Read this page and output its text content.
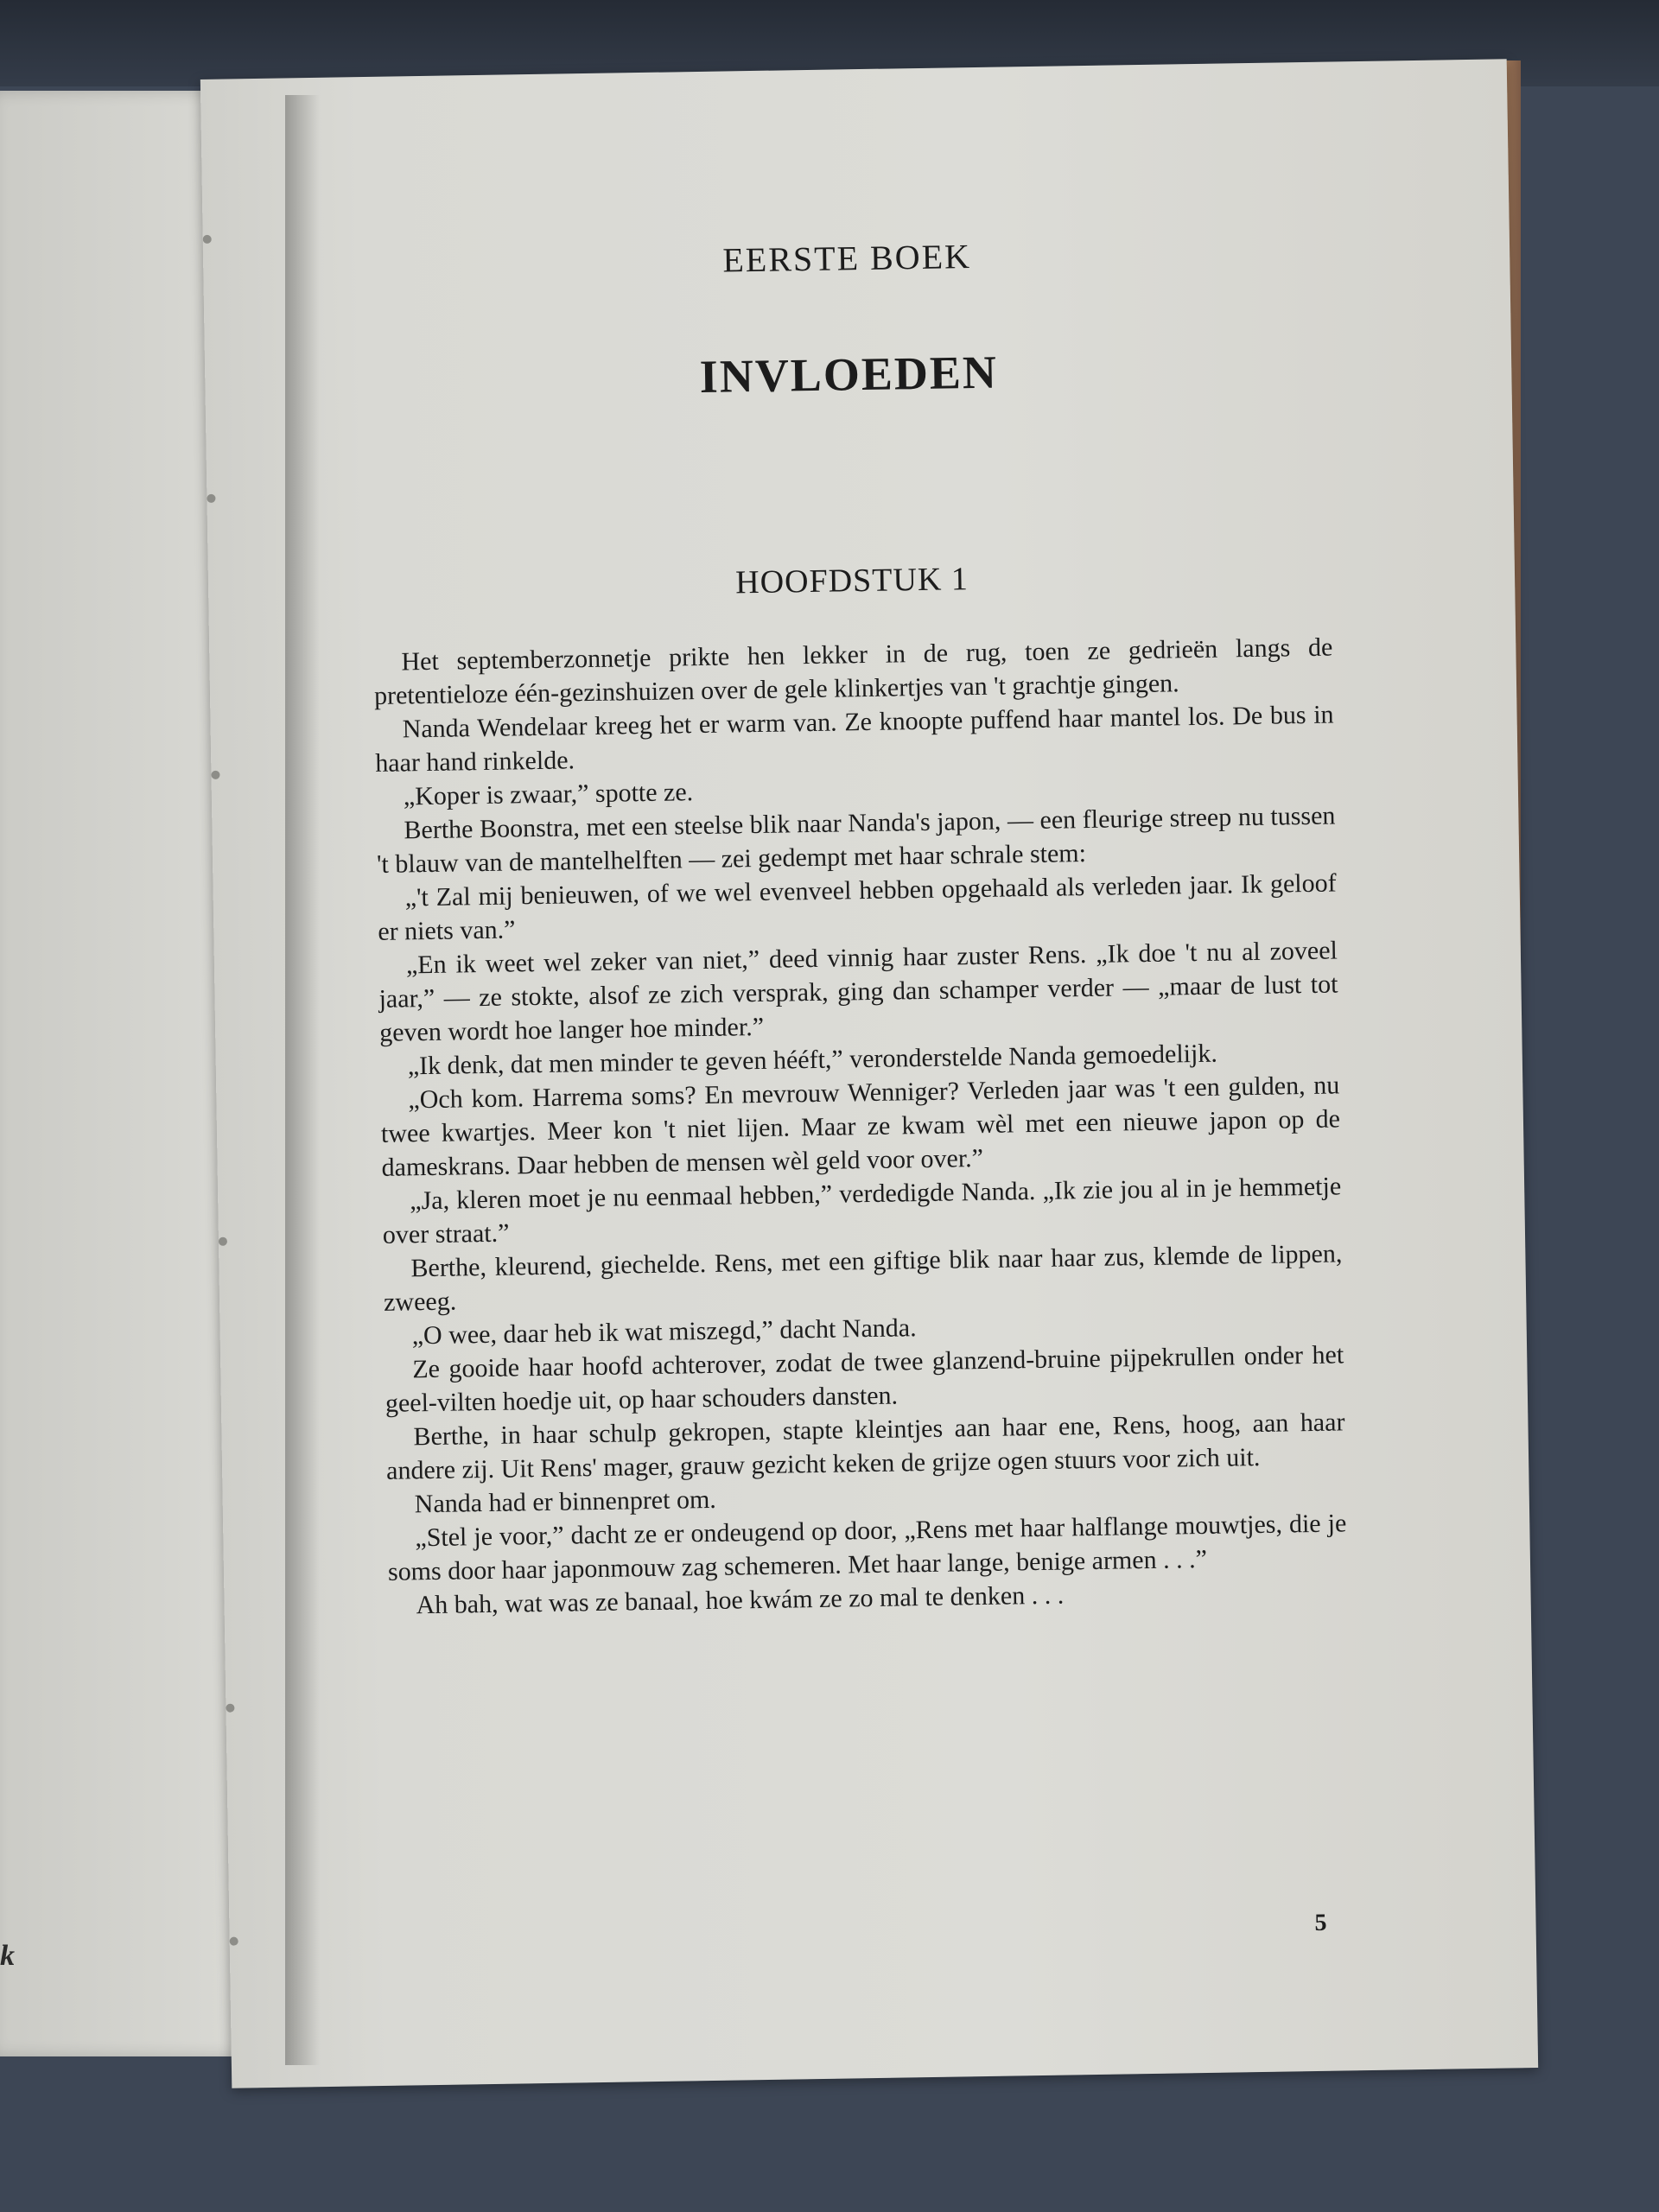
k
EERSTE BOEK
INVLOEDEN
HOOFDSTUK 1

Het septemberzonnetje prikte hen lekker in de rug, toen ze gedrieën langs de pretentieloze één-gezinshuizen over de gele klinkertjes van 't grachtje gingen.

Nanda Wendelaar kreeg het er warm van. Ze knoopte puffend haar mantel los. De bus in haar hand rinkelde.

„Koper is zwaar,” spotte ze.

Berthe Boonstra, met een steelse blik naar Nanda's japon, — een fleurige streep nu tussen 't blauw van de mantelhelften — zei gedempt met haar schrale stem:

„'t Zal mij benieuwen, of we wel evenveel hebben opgehaald als verleden jaar. Ik geloof er niets van.”

„En ik weet wel zeker van niet,” deed vinnig haar zuster Rens. „Ik doe 't nu al zoveel jaar,” — ze stokte, alsof ze zich versprak, ging dan schamper verder — „maar de lust tot geven wordt hoe langer hoe minder.”

„Ik denk, dat men minder te geven hééft,” veronderstelde Nanda gemoedelijk.

„Och kom. Harrema soms? En mevrouw Wenniger? Verleden jaar was 't een gulden, nu twee kwartjes. Meer kon 't niet lijen. Maar ze kwam wèl met een nieuwe japon op de dameskrans. Daar hebben de mensen wèl geld voor over.”

„Ja, kleren moet je nu eenmaal hebben,” verdedigde Nanda. „Ik zie jou al in je hemmetje over straat.”

Berthe, kleurend, giechelde. Rens, met een giftige blik naar haar zus, klemde de lippen, zweeg.

„O wee, daar heb ik wat miszegd,” dacht Nanda.

Ze gooide haar hoofd achterover, zodat de twee glanzend-bruine pijpekrullen onder het geel-vilten hoedje uit, op haar schouders dansten.

Berthe, in haar schulp gekropen, stapte kleintjes aan haar ene, Rens, hoog, aan haar andere zij. Uit Rens' mager, grauw gezicht keken de grijze ogen stuurs voor zich uit.

Nanda had er binnenpret om.

„Stel je voor,” dacht ze er ondeugend op door, „Rens met haar halflange mouwtjes, die je soms door haar japonmouw zag schemeren. Met haar lange, benige armen . . .”

Ah bah, wat was ze banaal, hoe kwám ze zo mal te denken . . .

5
